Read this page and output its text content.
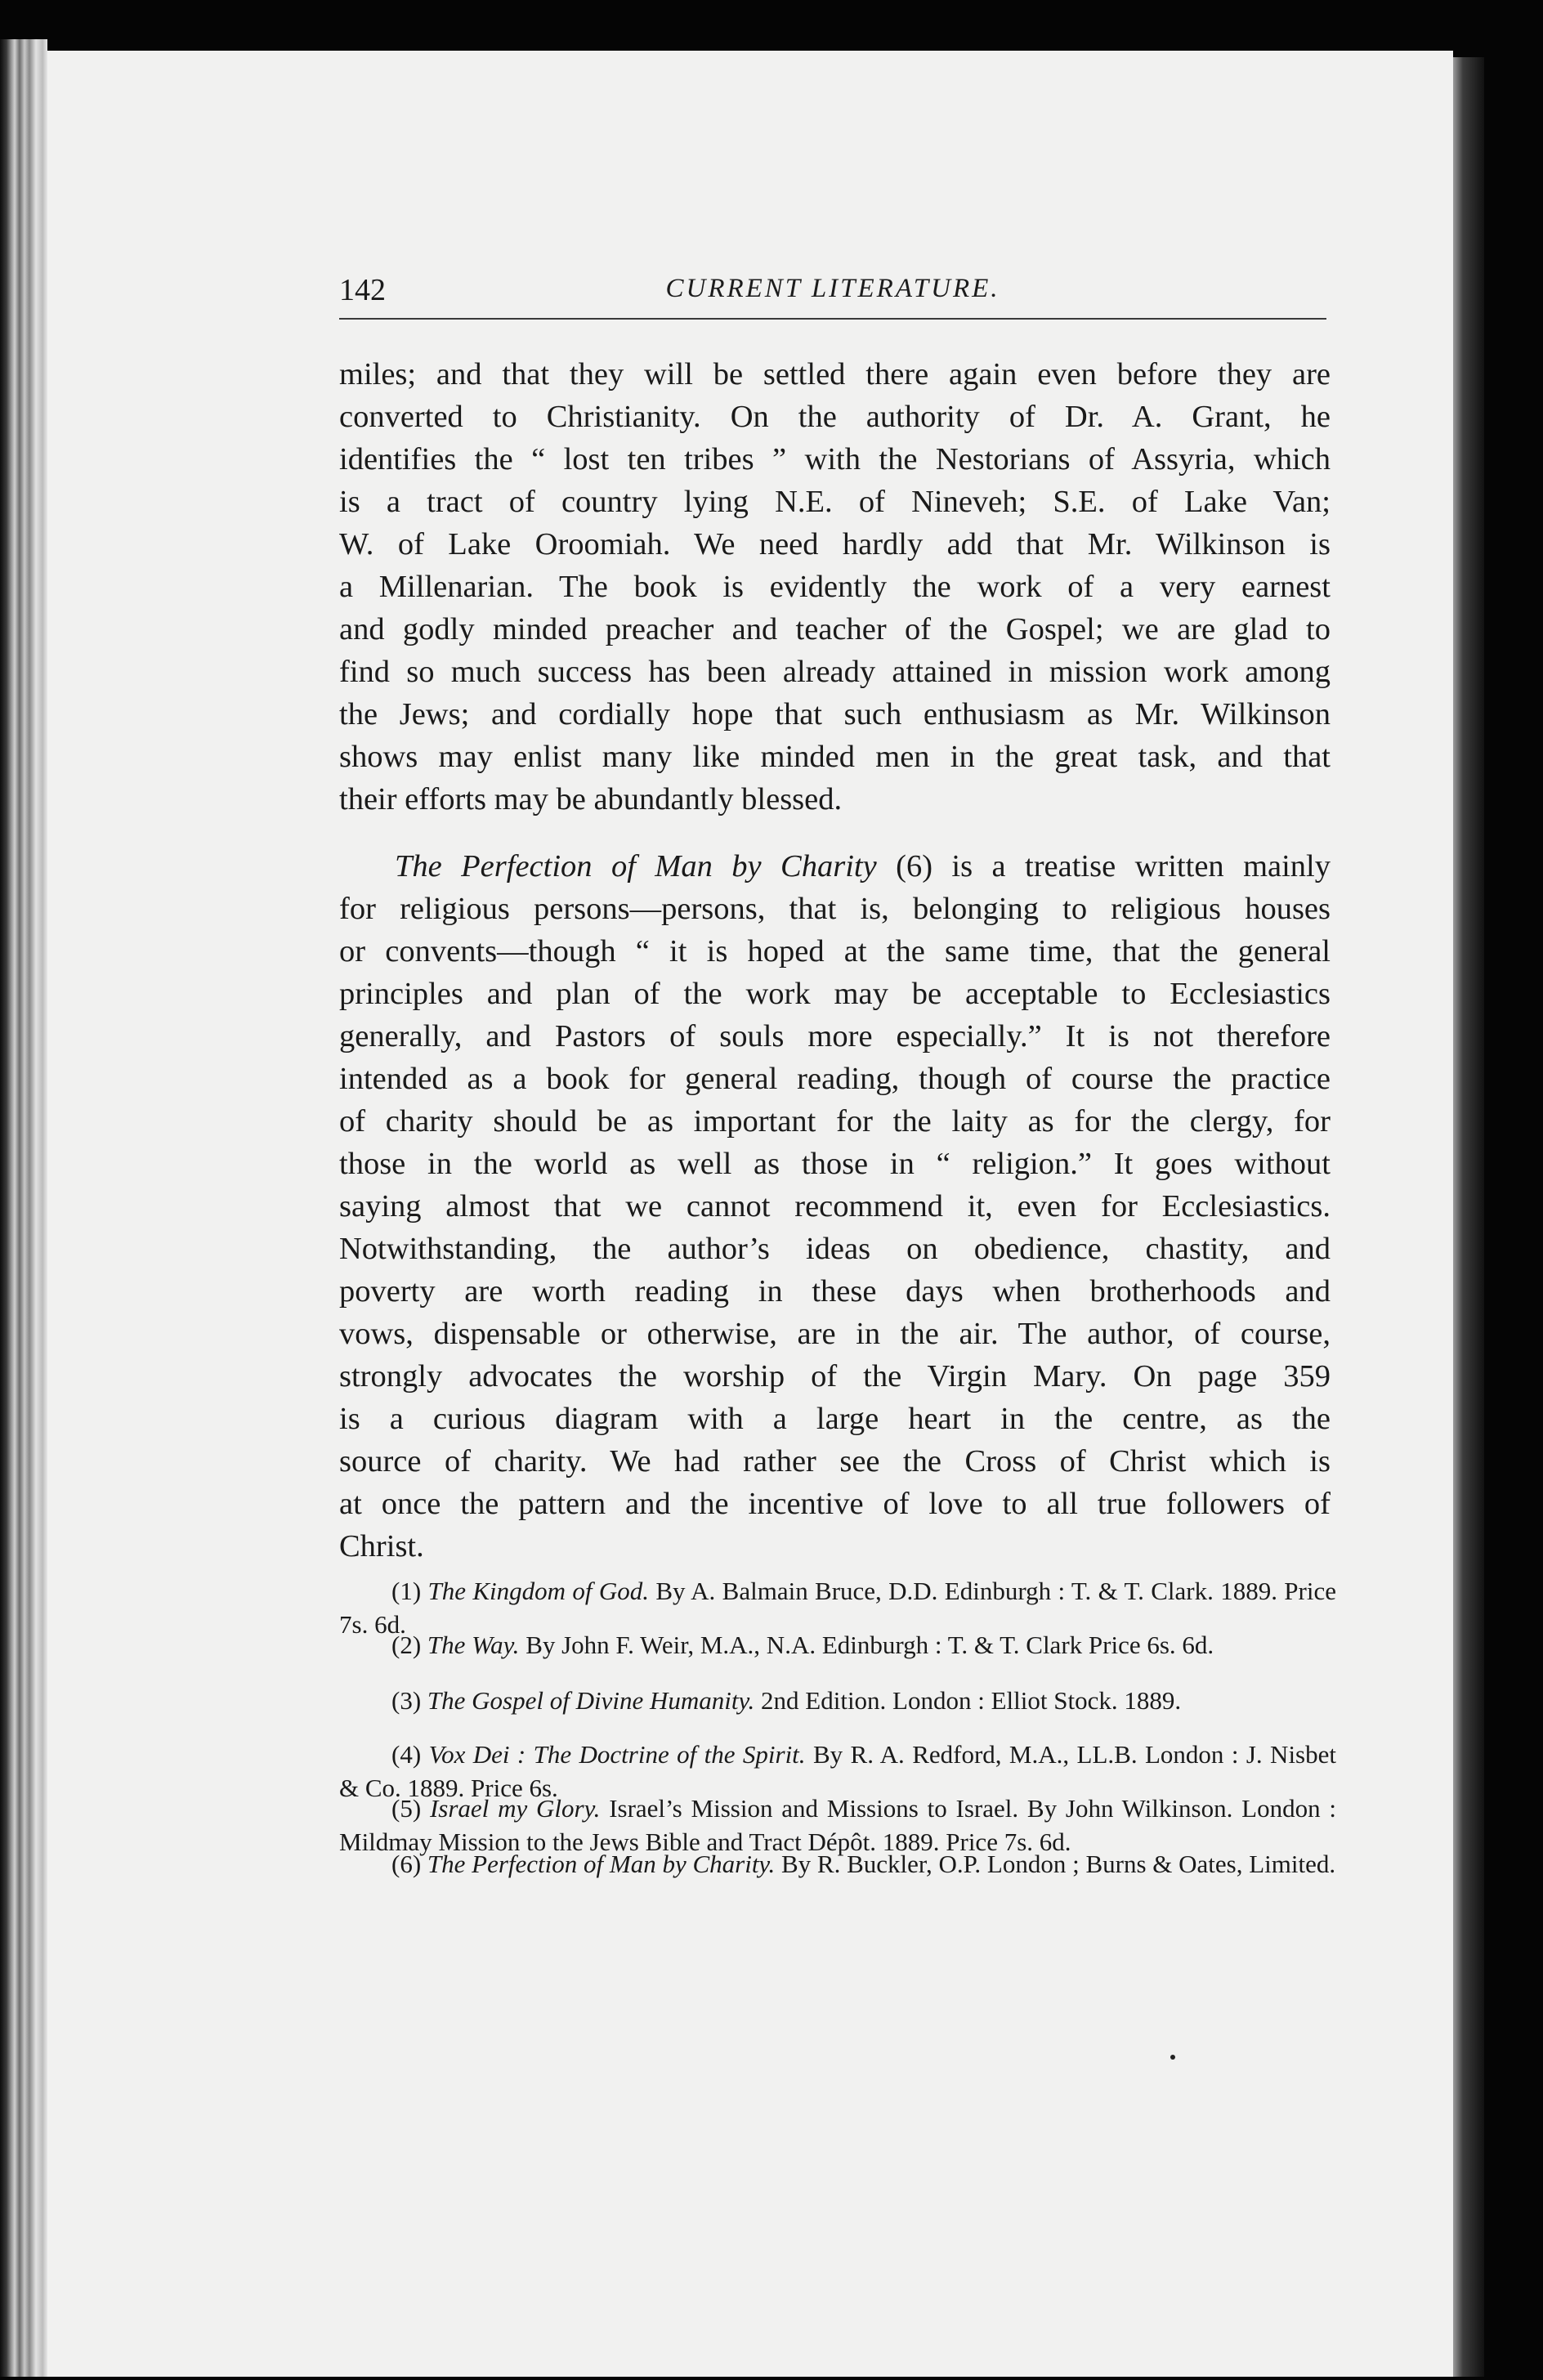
142	CURRENT LITERATURE.

miles; and that they will be settled there again even before they are
converted to Christianity. On the authority of Dr. A. Grant, he
identifies the “ lost ten tribes ” with the Nestorians of Assyria, which
is a tract of country lying N.E. of Nineveh; S.E. of Lake Van;
W. of Lake Oroomiah. We need hardly add that Mr. Wilkinson is
a Millenarian. The book is evidently the work of a very earnest
and godly minded preacher and teacher of the Gospel; we are glad to
find so much success has been already attained in mission work among
the Jews; and cordially hope that such enthusiasm as Mr. Wilkinson
shows may enlist many like minded men in the great task, and that
their efforts may be abundantly blessed.

The Perfection of Man by Charity (6) is a treatise written mainly
for religious persons—persons, that is, belonging to religious houses
or convents—though “ it is hoped at the same time, that the general
principles and plan of the work may be acceptable to Ecclesiastics
generally, and Pastors of souls more especially.” It is not therefore
intended as a book for general reading, though of course the practice
of charity should be as important for the laity as for the clergy, for
those in the world as well as those in “ religion.” It goes without
saying almost that we cannot recommend it, even for Ecclesiastics.
Notwithstanding, the author’s ideas on obedience, chastity, and
poverty are worth reading in these days when brotherhoods and
vows, dispensable or otherwise, are in the air. The author, of course,
strongly advocates the worship of the Virgin Mary. On page 359
is a curious diagram with a large heart in the centre, as the
source of charity. We had rather see the Cross of Christ which is
at once the pattern and the incentive of love to all true followers of
Christ.

(1) The Kingdom of God. By A. Balmain Bruce, D.D. Edinburgh : T. & T. Clark. 1889. Price 7s. 6d.

(2) The Way. By John F. Weir, M.A., N.A. Edinburgh : T. & T. Clark Price 6s. 6d.

(3) The Gospel of Divine Humanity. 2nd Edition. London : Elliot Stock. 1889.

(4) Vox Dei : The Doctrine of the Spirit. By R. A. Redford, M.A., LL.B. London : J. Nisbet & Co. 1889. Price 6s.

(5) Israel my Glory. Israel’s Mission and Missions to Israel. By John Wilkinson. London : Mildmay Mission to the Jews Bible and Tract Dépôt. 1889. Price 7s. 6d.

(6) The Perfection of Man by Charity. By R. Buckler, O.P. London ; Burns & Oates, Limited.
